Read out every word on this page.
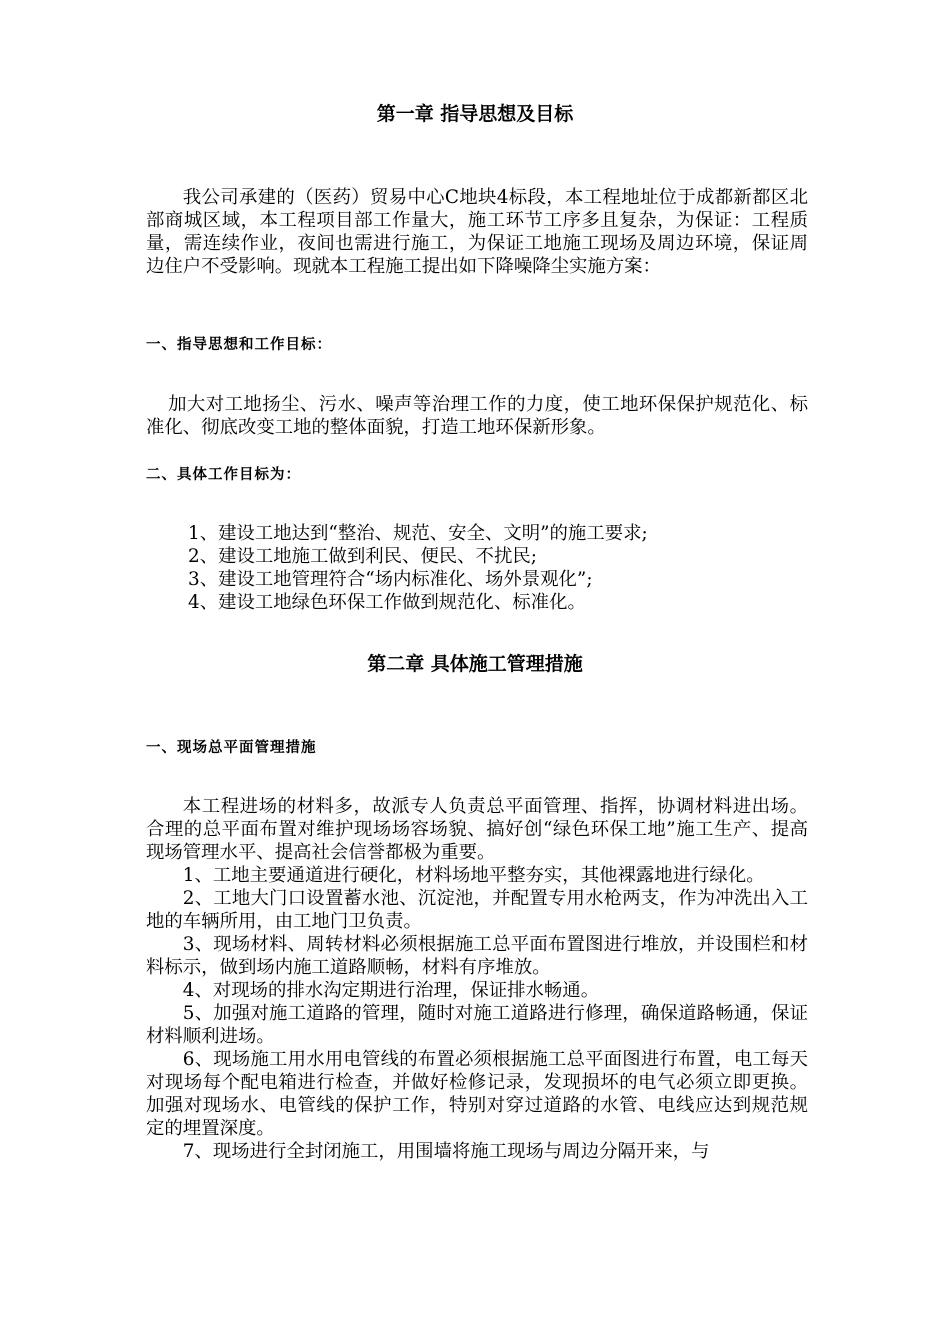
第一章 指导思想及目标

我公司承建的（医药）贸易中心C地块4标段，本工程地址位于成都新都区北部商城区域，本工程项目部工作量大，施工环节工序多且复杂，为保证：工程质量，需连续作业，夜间也需进行施工，为保证工地施工现场及周边环境，保证周边住户不受影响。现就本工程施工提出如下降噪降尘实施方案：

一、指导思想和工作目标：

加大对工地扬尘、污水、噪声等治理工作的力度，使工地环保保护规范化、标准化、彻底改变工地的整体面貌，打造工地环保新形象。

二、具体工作目标为：
1、建设工地达到“整治、规范、安全、文明”的施工要求;
2、建设工地施工做到利民、便民、不扰民;
3、建设工地管理符合“场内标准化、场外景观化”;
4、建设工地绿色环保工作做到规范化、标准化。
第二章 具体施工管理措施
一、现场总平面管理措施

本工程进场的材料多，故派专人负责总平面管理、指挥，协调材料进出场。合理的总平面布置对维护现场场容场貌、搞好创“绿色环保工地”施工生产、提高现场管理水平、提高社会信誉都极为重要。

1、工地主要通道进行硬化，材料场地平整夯实，其他裸露地进行绿化。

2、工地大门口设置蓄水池、沉淀池，并配置专用水枪两支，作为冲洗出入工地的车辆所用，由工地门卫负责。

3、现场材料、周转材料必须根据施工总平面布置图进行堆放，并设围栏和材料标示，做到场内施工道路顺畅，材料有序堆放。

4、对现场的排水沟定期进行治理，保证排水畅通。

5、加强对施工道路的管理，随时对施工道路进行修理，确保道路畅通，保证材料顺利进场。

6、现场施工用水用电管线的布置必须根据施工总平面图进行布置，电工每天对现场每个配电箱进行检查，并做好检修记录，发现损坏的电气必须立即更换。加强对现场水、电管线的保护工作，特别对穿过道路的水管、电线应达到规范规定的埋置深度。

7、现场进行全封闭施工，用围墙将施工现场与周边分隔开来，与
